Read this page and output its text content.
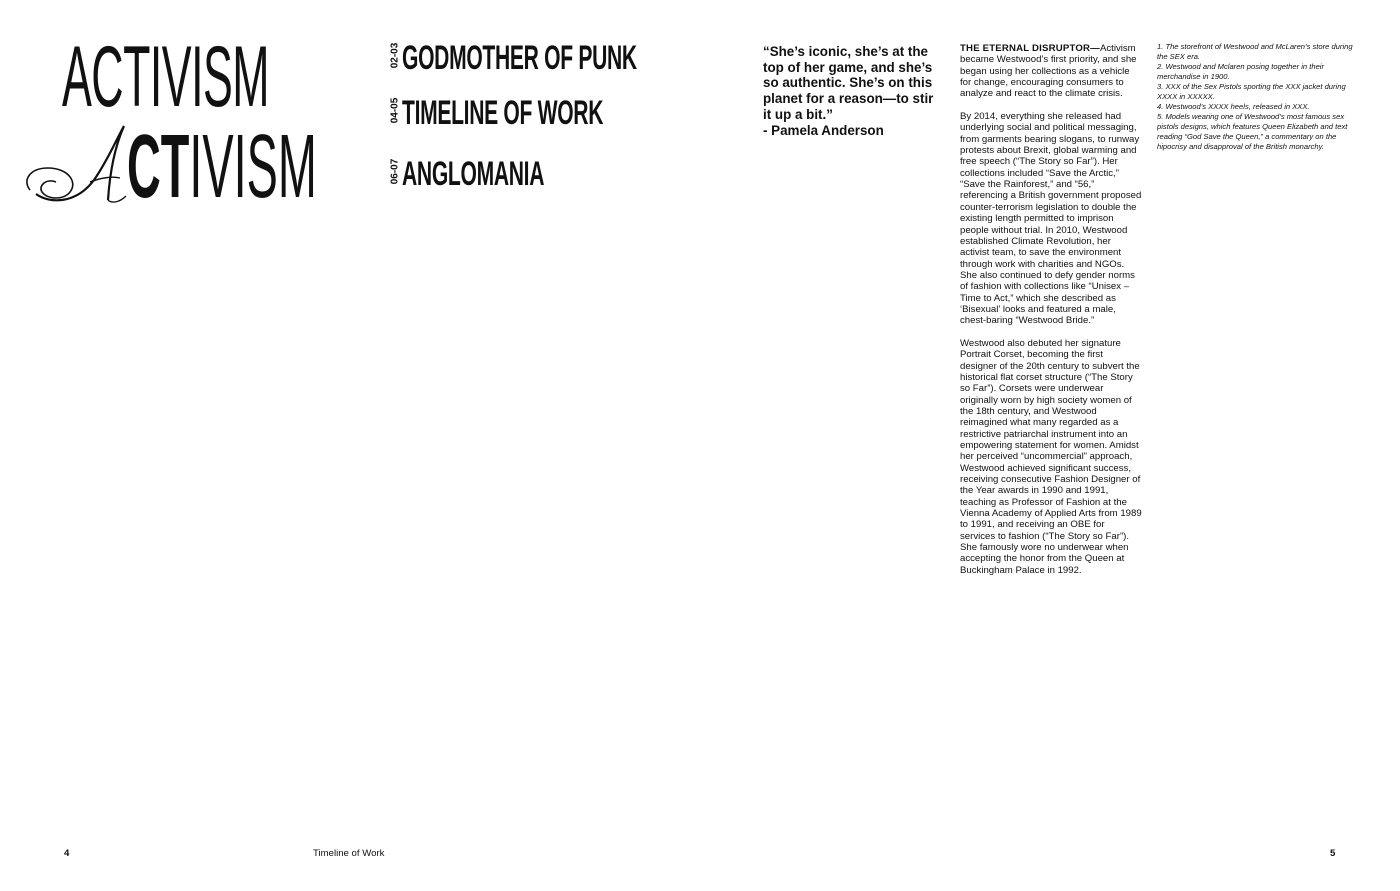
ACTIVISM
CTIVISM
02-03 GODMOTHER OF PUNK
04-05 TIMELINE OF WORK
06-07 ANGLOMANIA

“She’s iconic, she’s at the top of her game, and she’s so authentic. She’s on this planet for a reason—to stir it up a bit.”

- Pamela Anderson

THE ETERNAL DISRUPTOR—Activism became Westwood’s first priority, and she began using her collections as a vehicle for change, encouraging consumers to analyze and react to the climate crisis.

By 2014, everything she released had underlying social and political messaging, from garments bearing slogans, to runway protests about Brexit, global warming and free speech (“The Story so Far”). Her collections included “Save the Arctic,” “Save the Rainforest,” and “56,” referencing a British government proposed counter-terrorism legislation to double the existing length permitted to imprison people without trial. In 2010, Westwood established Climate Revolution, her activist team, to save the environment through work with charities and NGOs. She also continued to defy gender norms of fashion with collections like “Unisex – Time to Act,” which she described as ‘Bisexual’ looks and featured a male, chest-baring “Westwood Bride.”

Westwood also debuted her signature Portrait Corset, becoming the first designer of the 20th century to subvert the historical flat corset structure (“The Story so Far”). Corsets were underwear originally worn by high society women of the 18th century, and Westwood reimagined what many regarded as a restrictive patriarchal instrument into an empowering statement for women. Amidst her perceived “uncommercial” approach, Westwood achieved significant success, receiving consecutive Fashion Designer of the Year awards in 1990 and 1991, teaching as Professor of Fashion at the Vienna Academy of Applied Arts from 1989 to 1991, and receiving an OBE for services to fashion (“The Story so Far”). She famously wore no underwear when accepting the honor from the Queen at Buckingham Palace in 1992.

1. The storefront of Westwood and McLaren’s store during the SEX era.
2. Westwood and Mclaren posing together in their merchandise in 1900.
3. XXX of the Sex Pistols sporting the XXX jacket during XXXX in XXXXX.
4. Westwood’s XXXX heels, released in XXX.
5. Models wearing one of Westwood’s most famous sex pistols designs, which features Queen Elizabeth and text reading “God Save the Queen,” a commentary on the hipocrisy and disapproval of the British monarchy.
4	Timeline of Work	5
